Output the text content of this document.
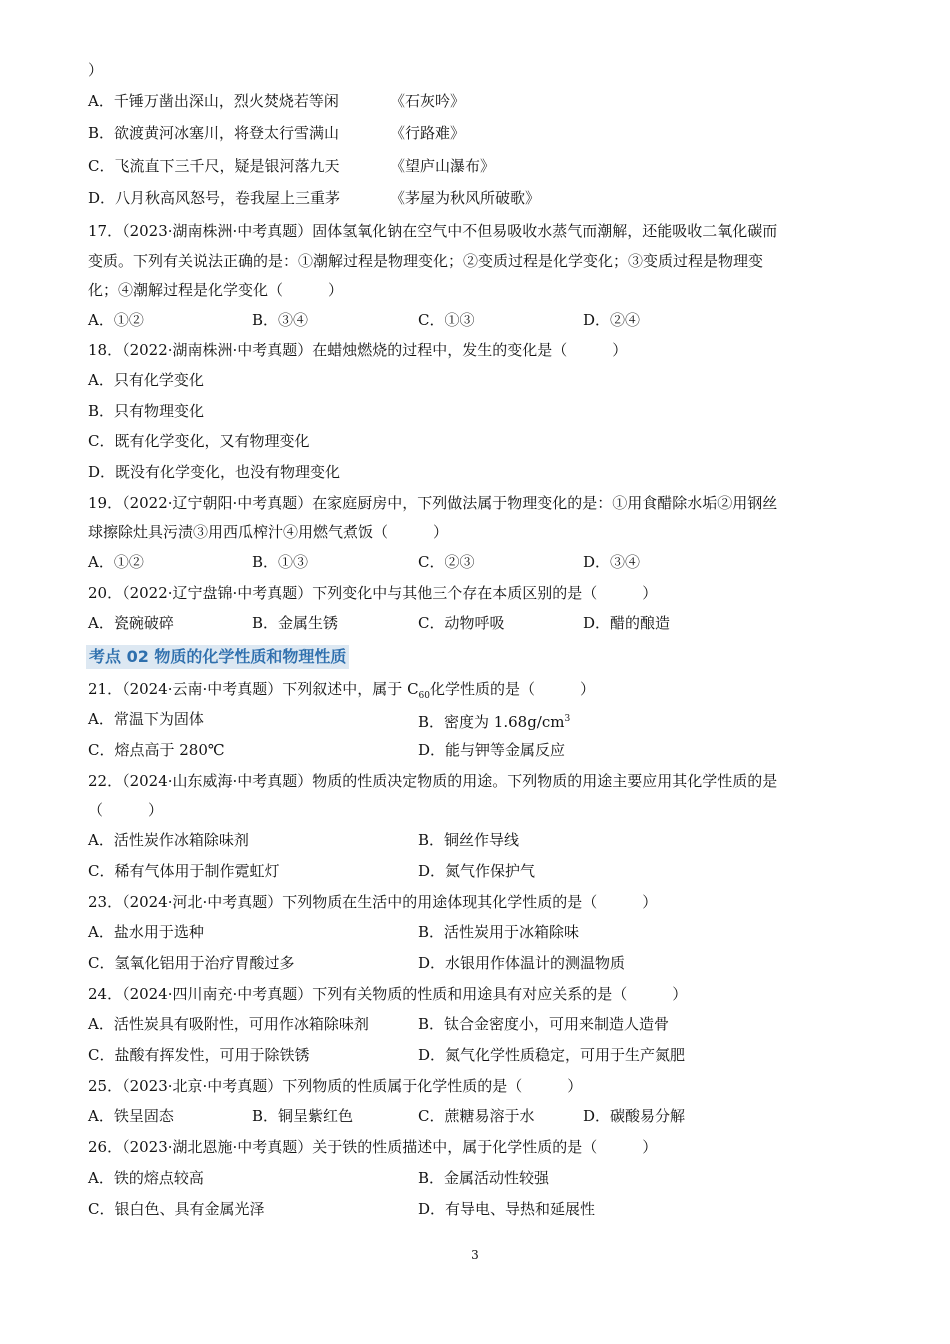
）
A．千锤万凿出深山，烈火焚烧若等闲	《石灰吟》
B．欲渡黄河冰塞川，将登太行雪满山	《行路难》
C．飞流直下三千尺，疑是银河落九天	《望庐山瀑布》
D．八月秋高风怒号，卷我屋上三重茅	《茅屋为秋风所破歌》
17．（2023·湖南株洲·中考真题）固体氢氧化钠在空气中不但易吸收水蒸气而潮解，还能吸收二氧化碳而
变质。下列有关说法正确的是：①潮解过程是物理变化；②变质过程是化学变化；③变质过程是物理变
化；④潮解过程是化学变化（　　　）
A．①②	B．③④	C．①③	D．②④
18．（2022·湖南株洲·中考真题）在蜡烛燃烧的过程中，发生的变化是（　　　）
A．只有化学变化
B．只有物理变化
C．既有化学变化，又有物理变化
D．既没有化学变化，也没有物理变化
19．（2022·辽宁朝阳·中考真题）在家庭厨房中，下列做法属于物理变化的是：①用食醋除水垢②用钢丝
球擦除灶具污渍③用西瓜榨汁④用燃气煮饭（　　　）
A．①②	B．①③	C．②③	D．③④
20．（2022·辽宁盘锦·中考真题）下列变化中与其他三个存在本质区别的是（　　　）
A．瓷碗破碎	B．金属生锈	C．动物呼吸	D．醋的酿造
考点 02 物质的化学性质和物理性质
21．（2024·云南·中考真题）下列叙述中，属于 $C_{60}$化学性质的是（　　　）
A．常温下为固体	B．密度为 $1.68g/cm^3$
C．熔点高于 280℃	D．能与钾等金属反应
22．（2024·山东威海·中考真题）物质的性质决定物质的用途。下列物质的用途主要应用其化学性质的是
（　　　）
A．活性炭作冰箱除味剂	B．铜丝作导线
C．稀有气体用于制作霓虹灯	D．氮气作保护气
23．（2024·河北·中考真题）下列物质在生活中的用途体现其化学性质的是（　　　）
A．盐水用于选种	B．活性炭用于冰箱除味
C．氢氧化铝用于治疗胃酸过多	D．水银用作体温计的测温物质
24．（2024·四川南充·中考真题）下列有关物质的性质和用途具有对应关系的是（　　　）
A．活性炭具有吸附性，可用作冰箱除味剂	B．钛合金密度小，可用来制造人造骨
C．盐酸有挥发性，可用于除铁锈	D．氮气化学性质稳定，可用于生产氮肥
25．（2023·北京·中考真题）下列物质的性质属于化学性质的是（　　　）
A．铁呈固态	B．铜呈紫红色	C．蔗糖易溶于水	D．碳酸易分解
26．（2023·湖北恩施·中考真题）关于铁的性质描述中，属于化学性质的是（　　　）
A．铁的熔点较高	B．金属活动性较强
C．银白色、具有金属光泽	D．有导电、导热和延展性
3
